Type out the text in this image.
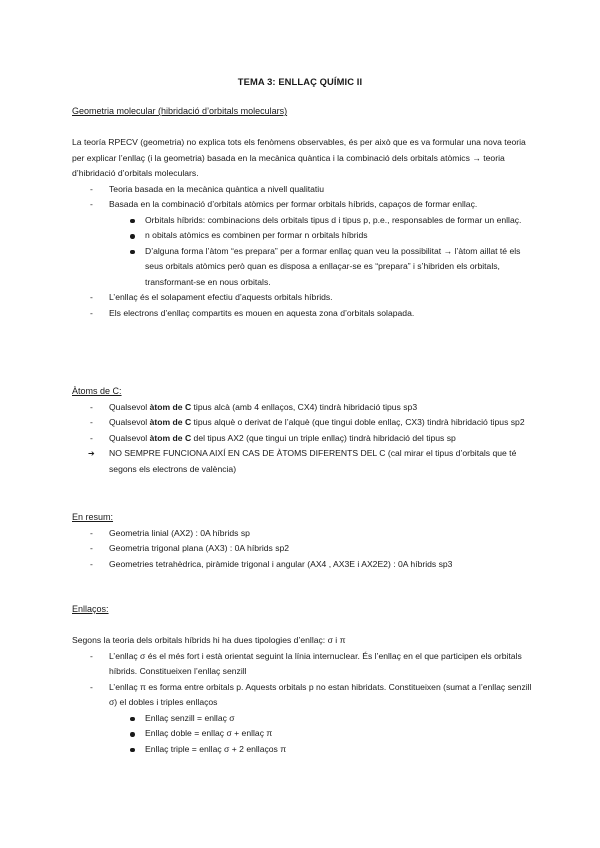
TEMA 3: ENLLAÇ QUÍMIC II
Geometria molecular (hibridació d’orbitals moleculars)

La teoría RPECV (geometria) no explica tots els fenòmens observables, és per això que es va formular una nova teoria per explicar l’enllaç (i la geometria) basada en la mecànica quàntica i la combinació dels orbitals atòmics → teoria d’hibridació d’orbitals moleculars.

- Teoria basada en la mecànica quàntica a nivell qualitatiu
- Basada en la combinació d’orbitals atòmics per formar orbitals híbrids, capaços de formar enllaç.
Orbitals híbrids: combinacions dels orbitals tipus d i tipus p, p.e., responsables de formar un enllaç.
n obitals atòmics es combinen per formar n orbitals híbrids
D’alguna forma l’àtom “es prepara” per a formar enllaç quan veu la possibilitat → l’àtom aillat té els seus orbitals atòmics però quan es disposa a enllaçar-se es “prepara” i s’hibriden els orbitals, transformant-se en nous orbitals.
- L’enllaç és el solapament efectiu d’aquests orbitals híbrids.
- Els electrons d’enllaç compartits es mouen en aquesta zona d’orbitals solapada.
Àtoms de C:
- Qualsevol àtom de C tipus alcà (amb 4 enllaços, CX4) tindrà hibridació tipus sp3
- Qualsevol àtom de C tipus alquè o derivat de l’alquè (que tingui doble enllaç, CX3) tindrà hibridació tipus sp2
- Qualsevol àtom de C del tipus AX2 (que tingui un triple enllaç) tindrà hibridació del tipus sp
➔ NO SEMPRE FUNCIONA AIXÍ EN CAS DE ÀTOMS DIFERENTS DEL C (cal mirar el tipus d’orbitals que té segons els electrons de valència)
En resum:
- Geometria linial (AX2) : 0A híbrids sp
- Geometria trigonal plana (AX3) : 0A híbrids sp2
- Geometries tetrahèdrica, piràmide trigonal i angular (AX4 , AX3E i AX2E2) : 0A híbrids sp3
Enllaços:

Segons la teoria dels orbitals híbrids hi ha dues tipologies d’enllaç: σ i π

- L’enllaç σ és el més fort i està orientat seguint la línia internuclear. És l’enllaç en el que participen els orbitals híbrids. Constitueixen l’enllaç senzill
- L’enllaç π es forma entre orbitals p. Aquests orbitals p no estan hibridats. Constitueixen (sumat a l’enllaç senzill σ) el dobles i triples enllaços
Enllaç senzill = enllaç σ
Enllaç doble = enllaç σ + enllaç π
Enllaç triple = enllaç σ + 2 enllaços π
